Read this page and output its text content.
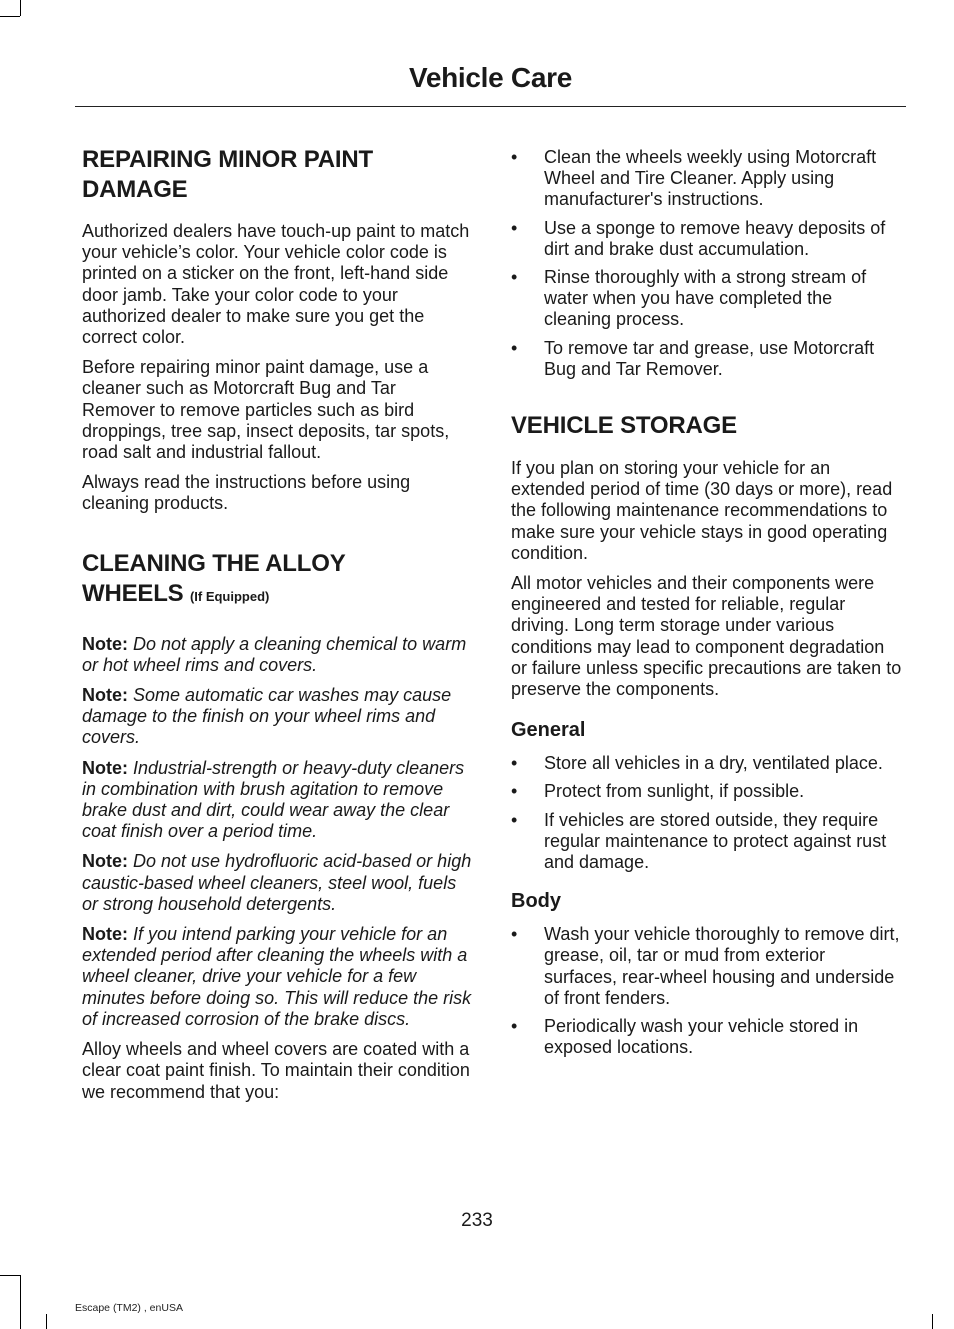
Vehicle Care
REPAIRING MINOR PAINT DAMAGE

Authorized dealers have touch-up paint to match your vehicle’s color. Your vehicle color code is printed on a sticker on the front, left-hand side door jamb. Take your color code to your authorized dealer to make sure you get the correct color.

Before repairing minor paint damage, use a cleaner such as Motorcraft Bug and Tar Remover to remove particles such as bird droppings, tree sap, insect deposits, tar spots, road salt and industrial fallout.

Always read the instructions before using cleaning products.

CLEANING THE ALLOY WHEELS (If Equipped)

Note: Do not apply a cleaning chemical to warm or hot wheel rims and covers.

Note: Some automatic car washes may cause damage to the finish on your wheel rims and covers.

Note: Industrial-strength or heavy-duty cleaners in combination with brush agitation to remove brake dust and dirt, could wear away the clear coat finish over a period time.

Note: Do not use hydrofluoric acid-based or high caustic-based wheel cleaners, steel wool, fuels or strong household detergents.

Note: If you intend parking your vehicle for an extended period after cleaning the wheels with a wheel cleaner, drive your vehicle for a few minutes before doing so. This will reduce the risk of increased corrosion of the brake discs.

Alloy wheels and wheel covers are coated with a clear coat paint finish. To maintain their condition we recommend that you:

• Clean the wheels weekly using Motorcraft Wheel and Tire Cleaner. Apply using manufacturer's instructions.
• Use a sponge to remove heavy deposits of dirt and brake dust accumulation.
• Rinse thoroughly with a strong stream of water when you have completed the cleaning process.
• To remove tar and grease, use Motorcraft Bug and Tar Remover.
VEHICLE STORAGE

If you plan on storing your vehicle for an extended period of time (30 days or more), read the following maintenance recommendations to make sure your vehicle stays in good operating condition.

All motor vehicles and their components were engineered and tested for reliable, regular driving. Long term storage under various conditions may lead to component degradation or failure unless specific precautions are taken to preserve the components.

General
• Store all vehicles in a dry, ventilated place.
• Protect from sunlight, if possible.
• If vehicles are stored outside, they require regular maintenance to protect against rust and damage.
Body
• Wash your vehicle thoroughly to remove dirt, grease, oil, tar or mud from exterior surfaces, rear-wheel housing and underside of front fenders.
• Periodically wash your vehicle stored in exposed locations.
233
Escape (TM2) , enUSA
